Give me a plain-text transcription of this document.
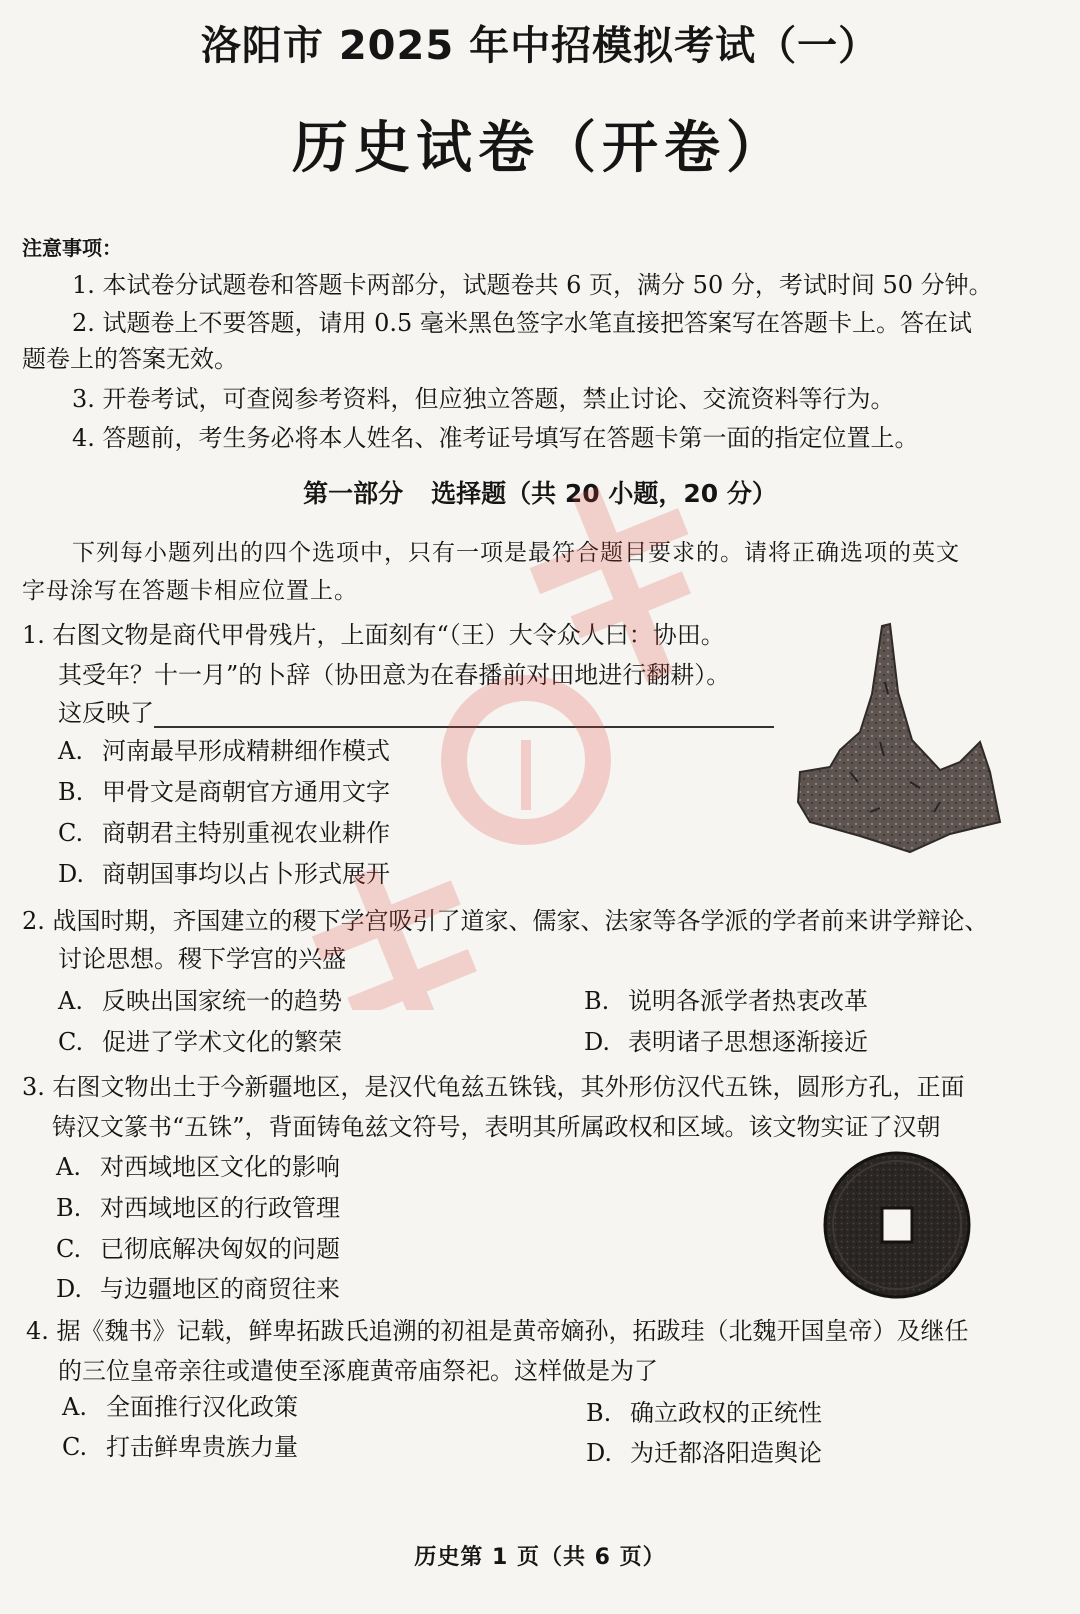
洛阳市 2025 年中招模拟考试（一）
历史试卷（开卷）
注意事项：
1. 本试卷分试题卷和答题卡两部分，试题卷共 6 页，满分 50 分，考试时间 50 分钟。
2. 试题卷上不要答题，请用 0.5 毫米黑色签字水笔直接把答案写在答题卡上。答在试
题卷上的答案无效。
3. 开卷考试，可查阅参考资料，但应独立答题，禁止讨论、交流资料等行为。
4. 答题前，考生务必将本人姓名、准考证号填写在答题卡第一面的指定位置上。
第一部分 选择题（共 20 小题，20 分）
下列每小题列出的四个选项中，只有一项是最符合题目要求的。请将正确选项的英文
字母涂写在答题卡相应位置上。
1. 右图文物是商代甲骨残片，上面刻有“（王）大令众人曰：协田。
其受年？十一月”的卜辞（协田意为在春播前对田地进行翻耕）。
这反映了
A. 河南最早形成精耕细作模式
B. 甲骨文是商朝官方通用文字
C. 商朝君主特别重视农业耕作
D. 商朝国事均以占卜形式展开
2. 战国时期，齐国建立的稷下学宫吸引了道家、儒家、法家等各学派的学者前来讲学辩论、
讨论思想。稷下学宫的兴盛
A. 反映出国家统一的趋势	B. 说明各派学者热衷改革
C. 促进了学术文化的繁荣	D. 表明诸子思想逐渐接近
3. 右图文物出土于今新疆地区，是汉代龟兹五铢钱，其外形仿汉代五铢，圆形方孔，正面
铸汉文篆书“五铢”，背面铸龟兹文符号，表明其所属政权和区域。该文物实证了汉朝
A. 对西域地区文化的影响
B. 对西域地区的行政管理
C. 已彻底解决匈奴的问题
D. 与边疆地区的商贸往来
4. 据《魏书》记载，鲜卑拓跋氏追溯的初祖是黄帝嫡孙，拓跋珪（北魏开国皇帝）及继任
的三位皇帝亲往或遣使至涿鹿黄帝庙祭祀。这样做是为了
A. 全面推行汉化政策	B. 确立政权的正统性
C. 打击鲜卑贵族力量	D. 为迁都洛阳造舆论
历史第 1 页（共 6 页）
